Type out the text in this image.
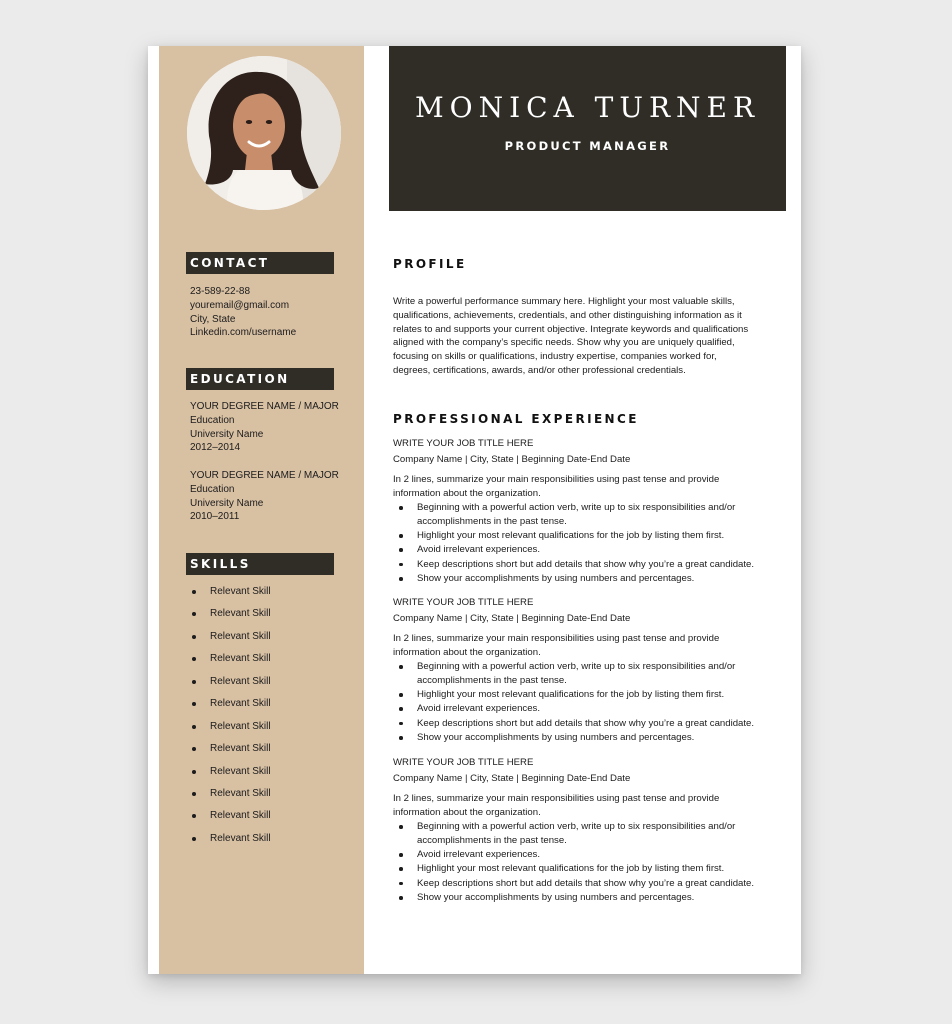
CONTACT
23-589-22-88
youremail@gmail.com
City, State
Linkedin.com/username
EDUCATION
YOUR DEGREE NAME / MAJOR
Education
University Name
2012–2014
YOUR DEGREE NAME / MAJOR
Education
University Name
2010–2011
SKILLS
Relevant Skill
Relevant Skill
Relevant Skill
Relevant Skill
Relevant Skill
Relevant Skill
Relevant Skill
Relevant Skill
Relevant Skill
Relevant Skill
Relevant Skill
Relevant Skill
MONICA TURNER
PRODUCT MANAGER
PROFILE
Write a powerful performance summary here. Highlight your most valuable skills,
qualifications, achievements, credentials, and other distinguishing information as it
relates to and supports your current objective. Integrate keywords and qualifications
aligned with the company’s specific needs. Show why you are uniquely qualified,
focusing on skills or qualifications, industry expertise, companies worked for,
degrees, certifications, awards, and/or other professional credentials.
PROFESSIONAL EXPERIENCE
WRITE YOUR JOB TITLE HERE
Company Name | City, State | Beginning Date-End Date
In 2 lines, summarize your main responsibilities using past tense and provide
information about the organization.
Beginning with a powerful action verb, write up to six responsibilities and/or
accomplishments in the past tense.
Highlight your most relevant qualifications for the job by listing them first.
Avoid irrelevant experiences.
Keep descriptions short but add details that show why you’re a great candidate.
Show your accomplishments by using numbers and percentages.
WRITE YOUR JOB TITLE HERE
Company Name | City, State | Beginning Date-End Date
In 2 lines, summarize your main responsibilities using past tense and provide
information about the organization.
Beginning with a powerful action verb, write up to six responsibilities and/or
accomplishments in the past tense.
Highlight your most relevant qualifications for the job by listing them first.
Avoid irrelevant experiences.
Keep descriptions short but add details that show why you’re a great candidate.
Show your accomplishments by using numbers and percentages.
WRITE YOUR JOB TITLE HERE
Company Name | City, State | Beginning Date-End Date
In 2 lines, summarize your main responsibilities using past tense and provide
information about the organization.
Beginning with a powerful action verb, write up to six responsibilities and/or
accomplishments in the past tense.
Avoid irrelevant experiences.
Highlight your most relevant qualifications for the job by listing them first.
Keep descriptions short but add details that show why you’re a great candidate.
Show your accomplishments by using numbers and percentages.
